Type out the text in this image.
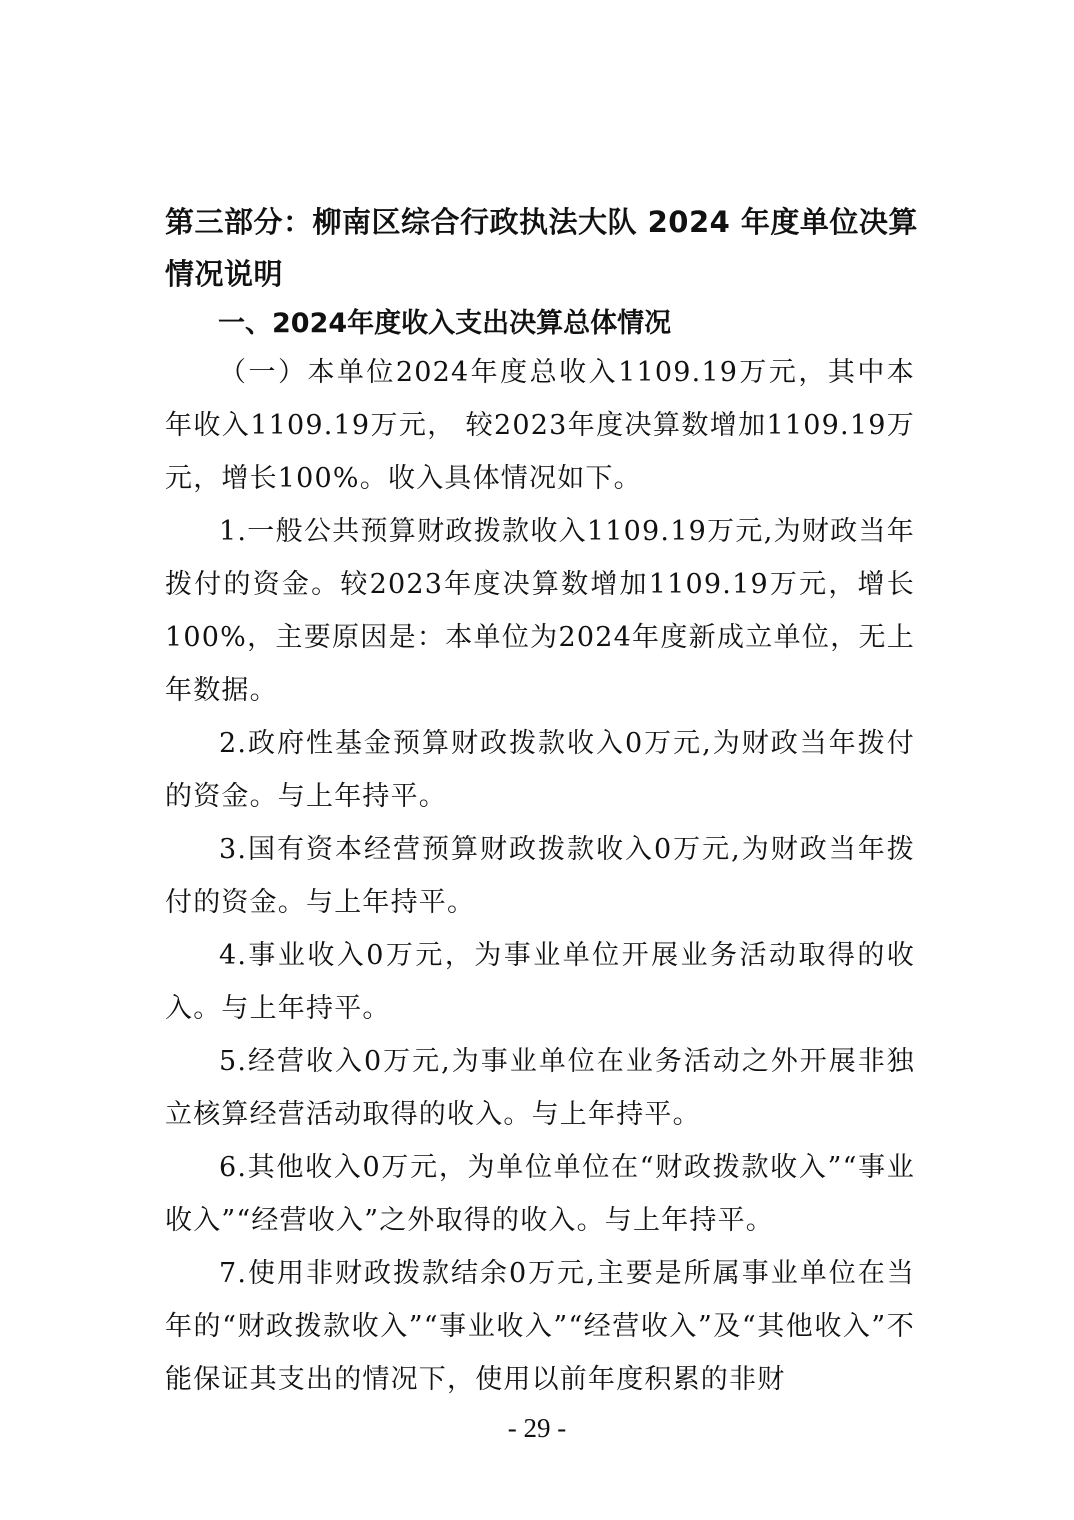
第三部分：柳南区综合行政执法大队 2024 年度单位决算情况说明
一、2024年度收入支出决算总体情况

（一）本单位2024年度总收入1109.19万元，其中本年收入1109.19万元， 较2023年度决算数增加1109.19万元，增长100%。收入具体情况如下。

1.一般公共预算财政拨款收入1109.19万元,为财政当年拨付的资金。较2023年度决算数增加1109.19万元，增长100%，主要原因是：本单位为2024年度新成立单位，无上年数据。

2.政府性基金预算财政拨款收入0万元,为财政当年拨付的资金。与上年持平。

3.国有资本经营预算财政拨款收入0万元,为财政当年拨付的资金。与上年持平。

4.事业收入0万元，为事业单位开展业务活动取得的收入。与上年持平。

5.经营收入0万元,为事业单位在业务活动之外开展非独立核算经营活动取得的收入。与上年持平。

6.其他收入0万元，为单位单位在“财政拨款收入”“事业收入”“经营收入”之外取得的收入。与上年持平。

7.使用非财政拨款结余0万元,主要是所属事业单位在当年的“财政拨款收入”“事业收入”“经营收入”及“其他收入”不能保证其支出的情况下，使用以前年度积累的非财

- 29 -
